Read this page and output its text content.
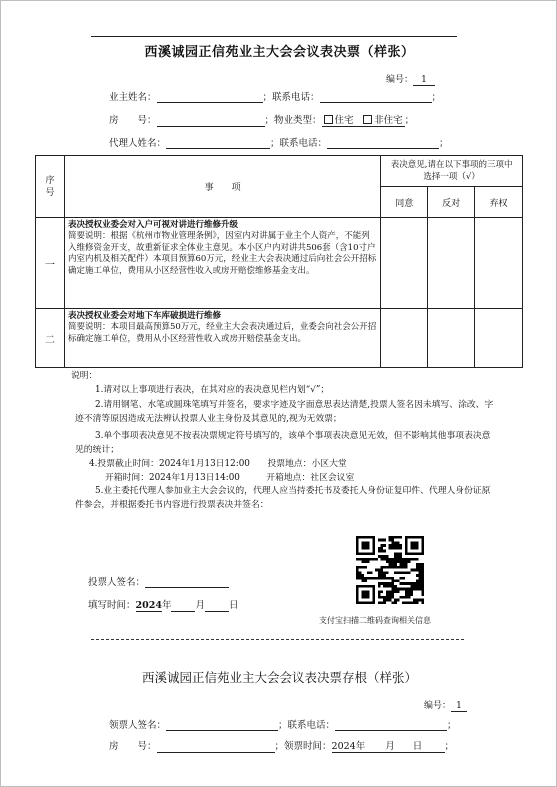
西溪诚园正信苑业主大会会议表决票（样张）
编号： 1
业主姓名：	；联系电话：	；
房　　号：	；物业类型： 住宅　 非住宅 ；
代理人姓名：	；联系电话：	；
序号	事　　项	表决意见,请在以下事项的三项中选择一项（√）		
		同意	反对	弃权
一	表决授权业委会对入户可视对讲进行维修升级
简要说明：根据《杭州市物业管理条例》，因室内对讲属于业主个人资产，不能列入维修资金开支，故重新征求全体业主意见。本小区户内对讲共506套（含10寸户内室内机及相关配件）本项目预算60万元，经业主大会表决通过后向社会公开招标确定施工单位，费用从小区经营性收入或房开赔偿维修基金支出。			

二	表决授权业委会对地下车库破损进行维修
简要说明：本项目最高预算50万元，经业主大会表决通过后，业委会向社会公开招标确定施工单位，费用从小区经营性收入或房开赔偿基金支出。			

说明：

1.请对以上事项进行表决，在其对应的表决意见栏内划“√”；

2.请用钢笔、水笔或圆珠笔填写并签名，要求字迹及字面意思表达清楚,投票人签名因未填写、涂改、字迹不清等原因造成无法辨认投票人业主身份及其意见的,视为无效票；

3.单个事项表决意见不按表决票规定符号填写的，该单个事项表决意见无效，但不影响其他事项表决意见的统计；

4.投票截止时间：2024年1月13日12:00　　投票地点：小区大堂

开箱时间：2024年1月13日14:00　　　开箱地点：社区会议室

5.业主委托代理人参加业主大会会议的，代理人应当持委托书及委托人身份证复印件、代理人身份证原件参会，并根据委托书内容进行投票表决并签名：

投票人签名：
填写时间：2024年	月	日
支付宝扫描二维码查询相关信息
西溪诚园正信苑业主大会会议表决票存根（样张）
编号： 1
领票人签名：	；联系电话：	；
房　　号：	；领票时间：2024年 月 日 ；
